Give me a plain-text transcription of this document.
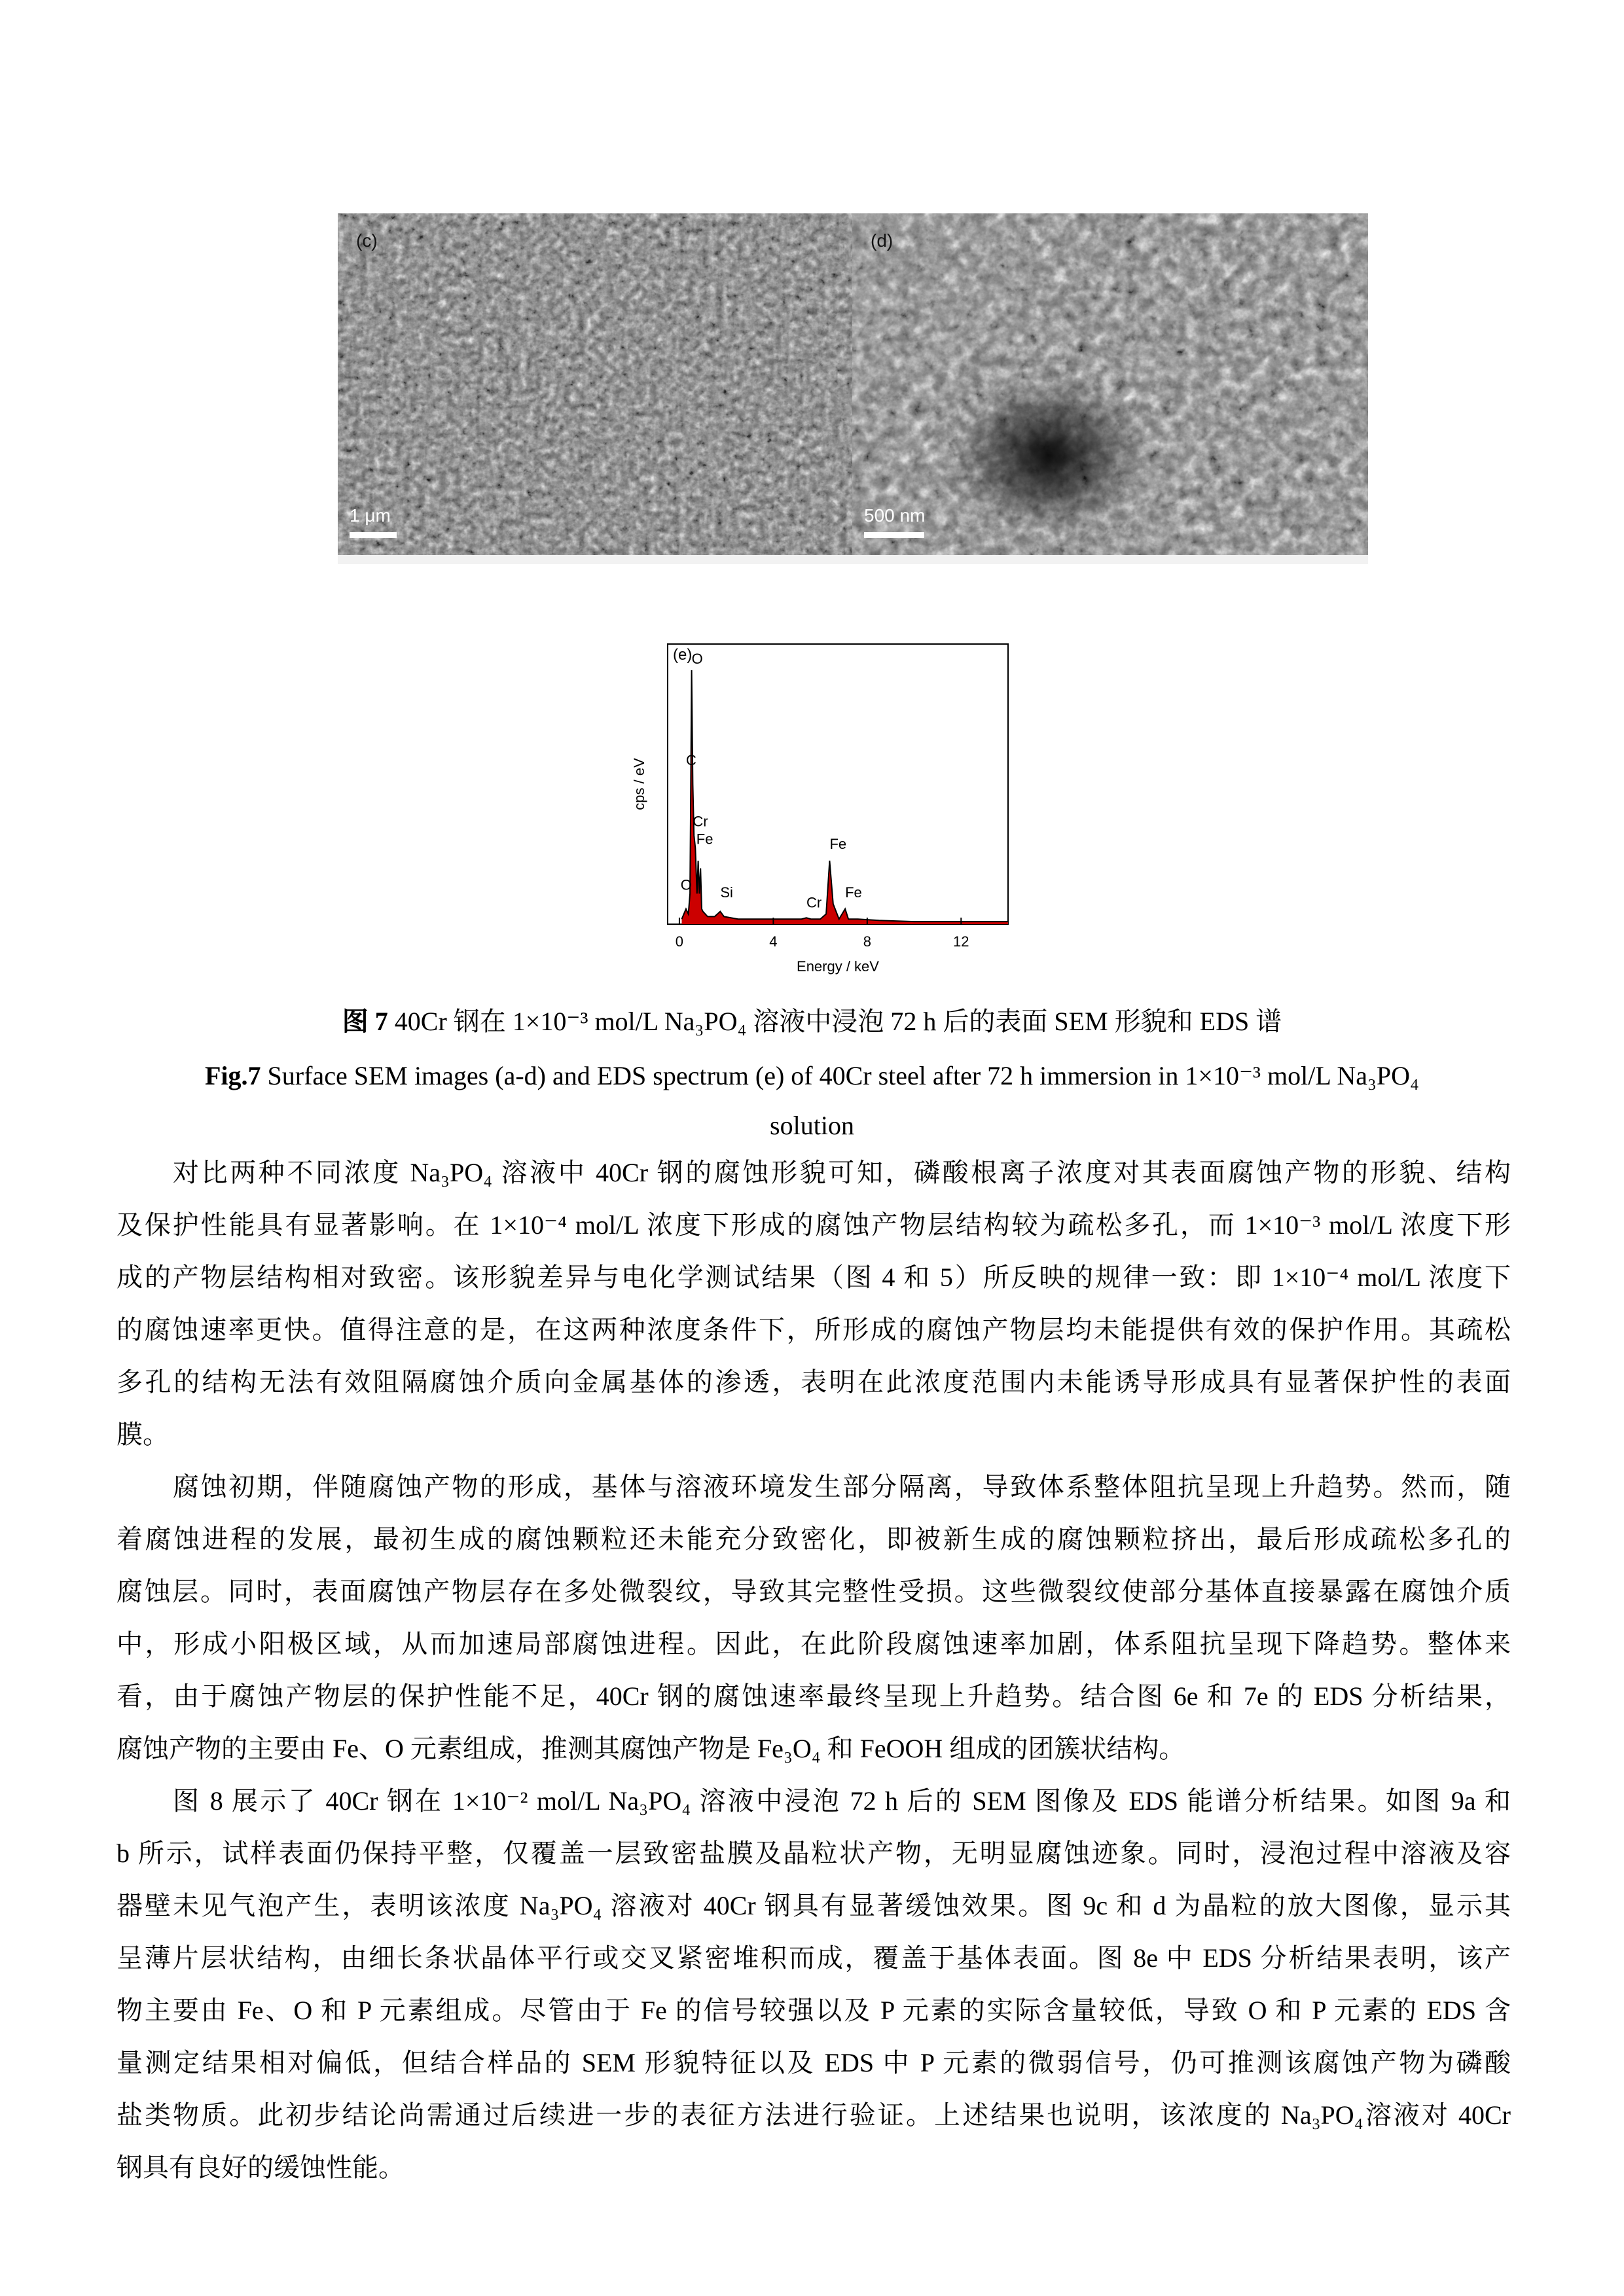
(c)
1 μm
(d)
500 nm
0	4	8	12
Energy / keV
cps / eV
(e) O
C
Cr
Fe
O Si
Cr
Fe
Fe
图 7 40Cr 钢在 1×10⁻³ mol/L Na₃PO₄ 溶液中浸泡 72 h 后的表面 SEM 形貌和 EDS 谱
Fig.7 Surface SEM images (a-d) and EDS spectrum (e) of 40Cr steel after 72 h immersion in 1×10⁻³ mol/L Na₃PO₄
solution
对比两种不同浓度 Na₃PO₄ 溶液中 40Cr 钢的腐蚀形貌可知，磷酸根离子浓度对其表面腐蚀产物的形貌、结构
及保护性能具有显著影响。在 1×10⁻⁴ mol/L 浓度下形成的腐蚀产物层结构较为疏松多孔，而 1×10⁻³ mol/L 浓度下形
成的产物层结构相对致密。该形貌差异与电化学测试结果（图 4 和 5）所反映的规律一致：即 1×10⁻⁴ mol/L 浓度下
的腐蚀速率更快。值得注意的是，在这两种浓度条件下，所形成的腐蚀产物层均未能提供有效的保护作用。其疏松
多孔的结构无法有效阻隔腐蚀介质向金属基体的渗透，表明在此浓度范围内未能诱导形成具有显著保护性的表面
膜。
腐蚀初期，伴随腐蚀产物的形成，基体与溶液环境发生部分隔离，导致体系整体阻抗呈现上升趋势。然而，随
着腐蚀进程的发展，最初生成的腐蚀颗粒还未能充分致密化，即被新生成的腐蚀颗粒挤出，最后形成疏松多孔的
腐蚀层。同时，表面腐蚀产物层存在多处微裂纹，导致其完整性受损。这些微裂纹使部分基体直接暴露在腐蚀介质
中，形成小阳极区域，从而加速局部腐蚀进程。因此，在此阶段腐蚀速率加剧，体系阻抗呈现下降趋势。整体来
看，由于腐蚀产物层的保护性能不足，40Cr 钢的腐蚀速率最终呈现上升趋势。结合图 6e 和 7e 的 EDS 分析结果，
腐蚀产物的主要由 Fe、O 元素组成，推测其腐蚀产物是 Fe₃O₄ 和 FeOOH 组成的团簇状结构。
图 8 展示了 40Cr 钢在 1×10⁻² mol/L Na₃PO₄ 溶液中浸泡 72 h 后的 SEM 图像及 EDS 能谱分析结果。如图 9a 和
b 所示，试样表面仍保持平整，仅覆盖一层致密盐膜及晶粒状产物，无明显腐蚀迹象。同时，浸泡过程中溶液及容
器壁未见气泡产生，表明该浓度 Na₃PO₄ 溶液对 40Cr 钢具有显著缓蚀效果。图 9c 和 d 为晶粒的放大图像，显示其
呈薄片层状结构，由细长条状晶体平行或交叉紧密堆积而成，覆盖于基体表面。图 8e 中 EDS 分析结果表明，该产
物主要由 Fe、O 和 P 元素组成。尽管由于 Fe 的信号较强以及 P 元素的实际含量较低，导致 O 和 P 元素的 EDS 含
量测定结果相对偏低，但结合样品的 SEM 形貌特征以及 EDS 中 P 元素的微弱信号，仍可推测该腐蚀产物为磷酸
盐类物质。此初步结论尚需通过后续进一步的表征方法进行验证。上述结果也说明，该浓度的 Na₃PO₄溶液对 40Cr
钢具有良好的缓蚀性能。
